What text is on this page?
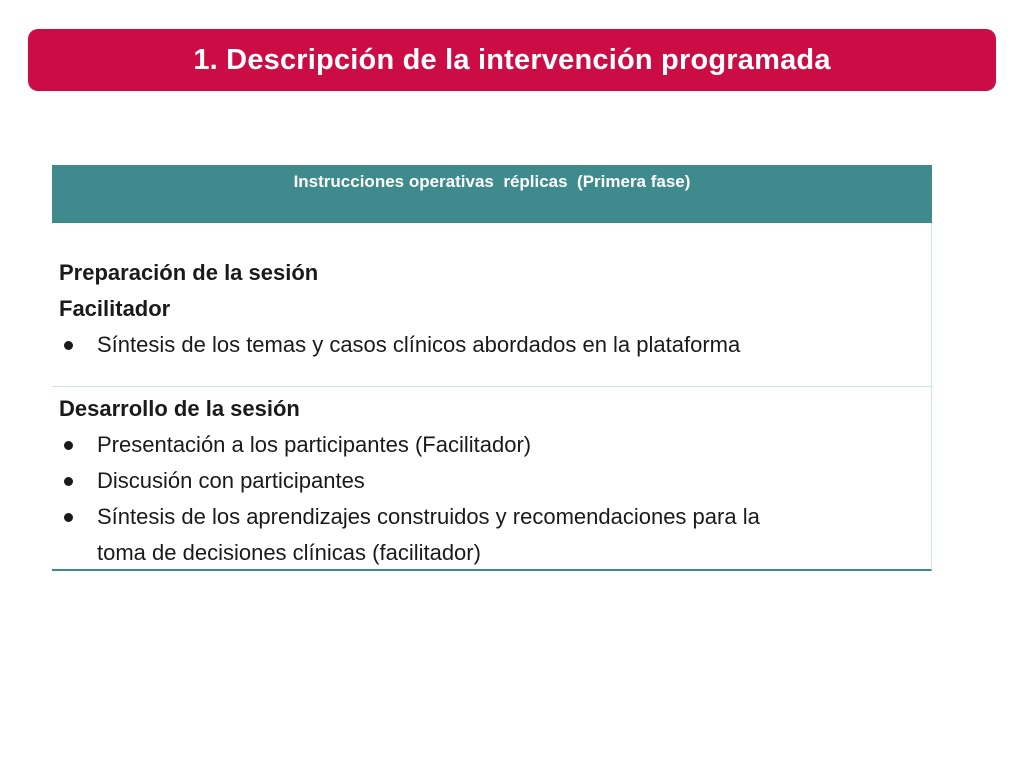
1. Descripción de la intervención programada
Instrucciones operativas  réplicas  (Primera fase)
Preparación de la sesión
Facilitador
Síntesis de los temas y casos clínicos abordados en la plataforma
Desarrollo de la sesión
Presentación a los participantes (Facilitador)
Discusión con participantes
Síntesis de los aprendizajes construidos y recomendaciones para la
toma de decisiones clínicas (facilitador)
